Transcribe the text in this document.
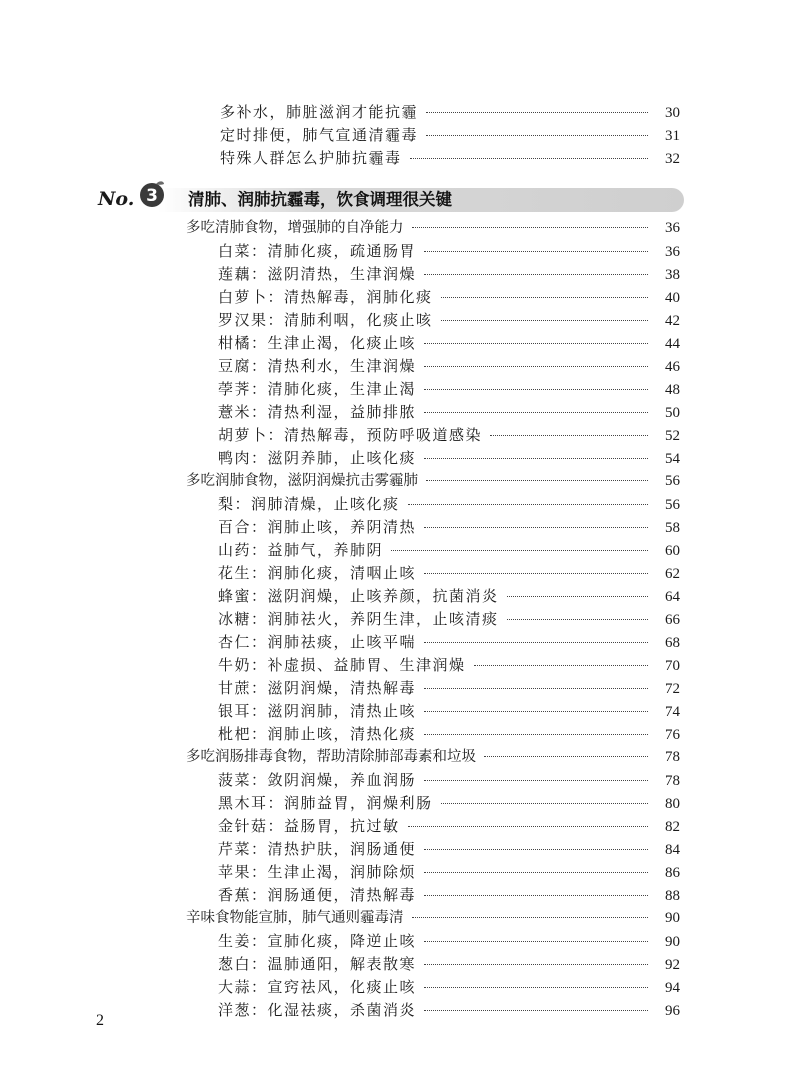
多补水，肺脏滋润才能抗霾	30
定时排便，肺气宣通清霾毒	31
特殊人群怎么护肺抗霾毒	32
No. 3 清肺、润肺抗霾毒，饮食调理很关键
多吃清肺食物，增强肺的自净能力	36
白菜：清肺化痰，疏通肠胃	36
莲藕：滋阴清热，生津润燥	38
白萝卜：清热解毒，润肺化痰	40
罗汉果：清肺利咽，化痰止咳	42
柑橘：生津止渴，化痰止咳	44
豆腐：清热利水，生津润燥	46
荸荠：清肺化痰，生津止渴	48
薏米：清热利湿，益肺排脓	50
胡萝卜：清热解毒，预防呼吸道感染	52
鸭肉：滋阴养肺，止咳化痰	54
多吃润肺食物，滋阴润燥抗击雾霾肺	56
梨：润肺清燥，止咳化痰	56
百合：润肺止咳，养阴清热	58
山药：益肺气，养肺阴	60
花生：润肺化痰，清咽止咳	62
蜂蜜：滋阴润燥，止咳养颜，抗菌消炎	64
冰糖：润肺祛火，养阴生津，止咳清痰	66
杏仁：润肺祛痰，止咳平喘	68
牛奶：补虚损、益肺胃、生津润燥	70
甘蔗：滋阴润燥，清热解毒	72
银耳：滋阴润肺，清热止咳	74
枇杷：润肺止咳，清热化痰	76
多吃润肠排毒食物，帮助清除肺部毒素和垃圾	78
菠菜：敛阴润燥，养血润肠	78
黑木耳：润肺益胃，润燥利肠	80
金针菇：益肠胃，抗过敏	82
芹菜：清热护肤，润肠通便	84
苹果：生津止渴，润肺除烦	86
香蕉：润肠通便，清热解毒	88
辛味食物能宣肺，肺气通则霾毒清	90
生姜：宣肺化痰，降逆止咳	90
葱白：温肺通阳，解表散寒	92
大蒜：宣窍祛风，化痰止咳	94
洋葱：化湿祛痰，杀菌消炎	96
2
